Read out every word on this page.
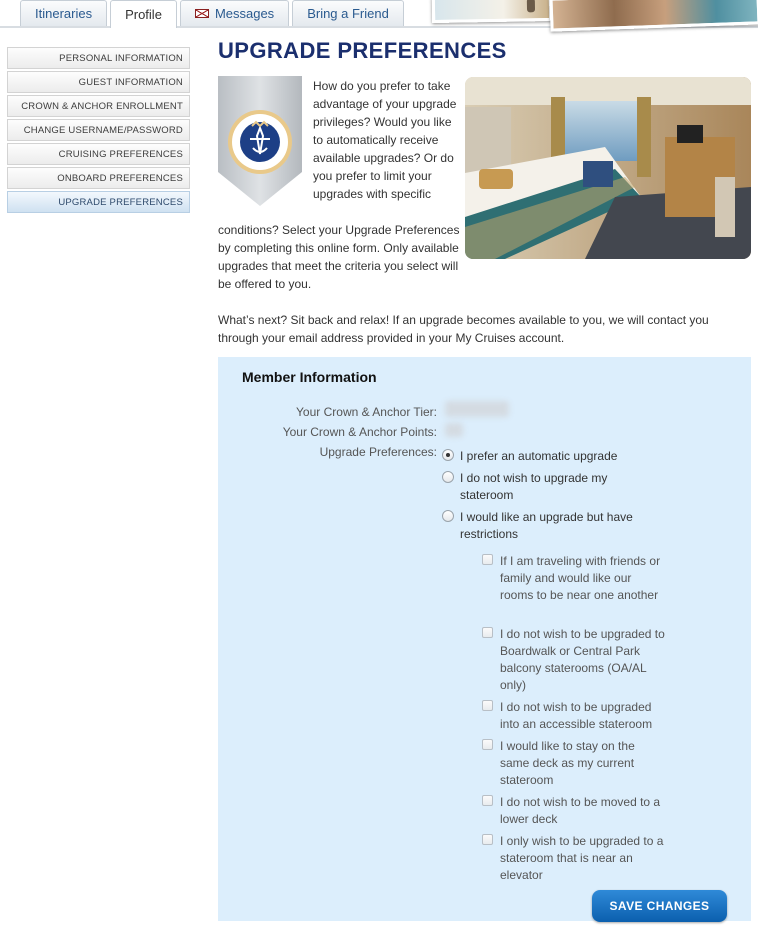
Itineraries	Profile	Messages	Bring a Friend
PERSONAL INFORMATION
GUEST INFORMATION
CROWN & ANCHOR ENROLLMENT
CHANGE USERNAME/PASSWORD
CRUISING PREFERENCES
ONBOARD PREFERENCES
UPGRADE PREFERENCES
UPGRADE PREFERENCES
How do you prefer to take advantage of your upgrade privileges? Would you like to automatically receive available upgrades? Or do you prefer to limit your upgrades with specific
conditions? Select your Upgrade Preferences by completing this online form. Only available upgrades that meet the criteria you select will be offered to you.
What’s next? Sit back and relax! If an upgrade becomes available to you, we will contact you through your email address provided in your My Cruises account.
Member Information
Your Crown & Anchor Tier:
Your Crown & Anchor Points:
Upgrade Preferences: I prefer an automatic upgrade
I do not wish to upgrade my stateroom
I would like an upgrade but have restrictions
If I am traveling with friends or family and would like our rooms to be near one another
I do not wish to be upgraded to Boardwalk or Central Park balcony staterooms (OA/AL only)
I do not wish to be upgraded into an accessible stateroom
I would like to stay on the same deck as my current stateroom
I do not wish to be moved to a lower deck
I only wish to be upgraded to a stateroom that is near an elevator
SAVE CHANGES
